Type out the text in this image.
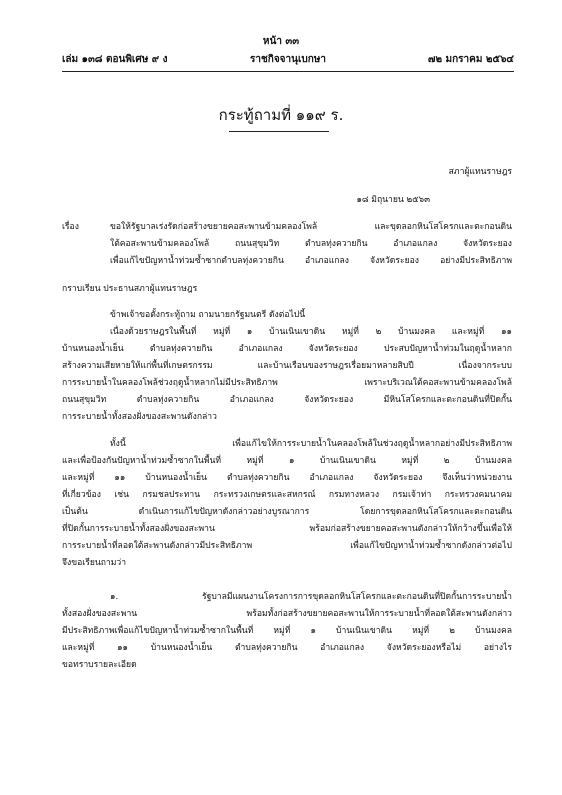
หน้า ๓๓
เล่ม ๑๓๘ ตอนพิเศษ ๙ ง	ราชกิจจานุเบกษา	๗๒ มกราคม ๒๕๖๔
กระทู้ถามที่ ๑๑๙ ร.
สภาผู้แทนราษฎร
๑๘ มิถุนายน ๒๕๖๓
เรื่อง	ขอให้รัฐบาลเร่งรัดก่อสร้างขยายคอสะพานข้ามคลองโพล้ และขุดลอกหินโสโครกและตะกอนดิน
ใต้คอสะพานข้ามคลองโพล้ ถนนสุขุมวิท ตำบลทุ่งควายกิน อำเภอแกลง จังหวัดระยอง
เพื่อแก้ไขปัญหาน้ำท่วมซ้ำซากตำบลทุ่งควายกิน อำเภอแกลง จังหวัดระยอง อย่างมีประสิทธิภาพ
กราบเรียน ประธานสภาผู้แทนราษฎร
ข้าพเจ้าขอตั้งกระทู้ถาม ถามนายกรัฐมนตรี ดังต่อไปนี้
เนื่องด้วยราษฎรในพื้นที่ หมู่ที่ ๑ บ้านเนินเขาดิน หมู่ที่ ๒ บ้านมงคล และหมู่ที่ ๑๑
บ้านหนองน้ำเย็น ตำบลทุ่งควายกิน อำเภอแกลง จังหวัดระยอง ประสบปัญหาน้ำท่วมในฤดูน้ำหลาก
สร้างความเสียหายให้แก่พื้นที่เกษตรกรรม และบ้านเรือนของราษฎรเรื่อยมาหลายสิบปี เนื่องจากระบบ
การระบายน้ำในคลองโพล้ช่วงฤดูน้ำหลากไม่มีประสิทธิภาพ เพราะบริเวณใต้คอสะพานข้ามคลองโพล้
ถนนสุขุมวิท ตำบลทุ่งควายกิน อำเภอแกลง จังหวัดระยอง มีหินโสโครกและตะกอนดินที่ปิดกั้น
การระบายน้ำทั้งสองฝั่งของสะพานดังกล่าว
ทั้งนี้ เพื่อแก้ไขให้การระบายน้ำในคลองโพล้ในช่วงฤดูน้ำหลากอย่างมีประสิทธิภาพ
และเพื่อป้องกันปัญหาน้ำท่วมซ้ำซากในพื้นที่ หมู่ที่ ๑ บ้านเนินเขาดิน หมู่ที่ ๒ บ้านมงคล
และหมู่ที่ ๑๑ บ้านหนองน้ำเย็น ตำบลทุ่งควายกิน อำเภอแกลง จังหวัดระยอง จึงเห็นว่าหน่วยงาน
ที่เกี่ยวข้อง เช่น กรมชลประทาน กระทรวงเกษตรและสหกรณ์ กรมทางหลวง กรมเจ้าท่า กระทรวงคมนาคม
เป็นต้น ดำเนินการแก้ไขปัญหาดังกล่าวอย่างบูรณาการ โดยการขุดลอกหินโสโครกและตะกอนดิน
ที่ปิดกั้นการระบายน้ำทั้งสองฝั่งของสะพาน พร้อมก่อสร้างขยายคอสะพานดังกล่าวให้กว้างขึ้นเพื่อให้
การระบายน้ำที่ลอดใต้สะพานดังกล่าวมีประสิทธิภาพ เพื่อแก้ไขปัญหาน้ำท่วมซ้ำซากดังกล่าวต่อไป
จึงขอเรียนถามว่า
๑. รัฐบาลมีแผนงานโครงการการขุดลอกหินโสโครกและตะกอนดินที่ปิดกั้นการระบายน้ำ
ทั้งสองฝั่งของสะพาน พร้อมทั้งก่อสร้างขยายคอสะพานให้การระบายน้ำที่ลอดใต้สะพานดังกล่าว
มีประสิทธิภาพเพื่อแก้ไขปัญหาน้ำท่วมซ้ำซากในพื้นที่ หมู่ที่ ๑ บ้านเนินเขาดิน หมู่ที่ ๒ บ้านมงคล
และหมู่ที่ ๑๑ บ้านหนองน้ำเย็น ตำบลทุ่งควายกิน อำเภอแกลง จังหวัดระยองหรือไม่ อย่างไร
ขอทราบรายละเอียด
